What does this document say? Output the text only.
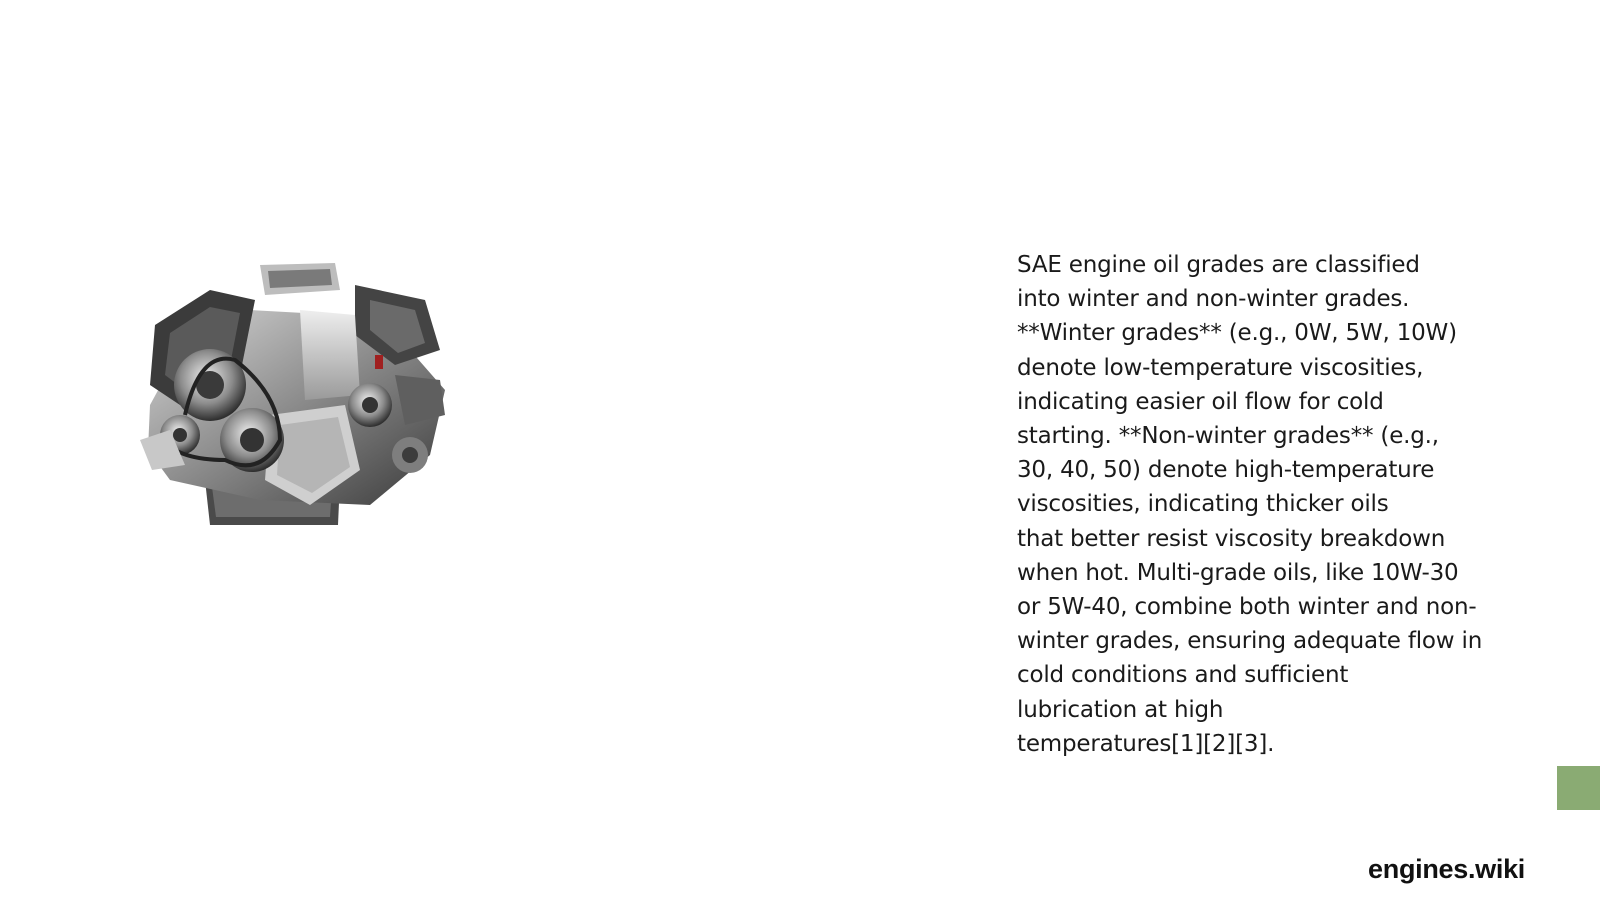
SAE engine oil grades are classified
into winter and non-winter grades.
**Winter grades** (e.g., 0W, 5W, 10W)
denote low-temperature viscosities,
indicating easier oil flow for cold
starting. **Non-winter grades** (e.g.,
30, 40, 50) denote high-temperature
viscosities, indicating thicker oils
that better resist viscosity breakdown
when hot. Multi-grade oils, like 10W-30
or 5W-40, combine both winter and non-
winter grades, ensuring adequate flow in
cold conditions and sufficient
lubrication at high
temperatures[1][2][3].

engines.wiki
